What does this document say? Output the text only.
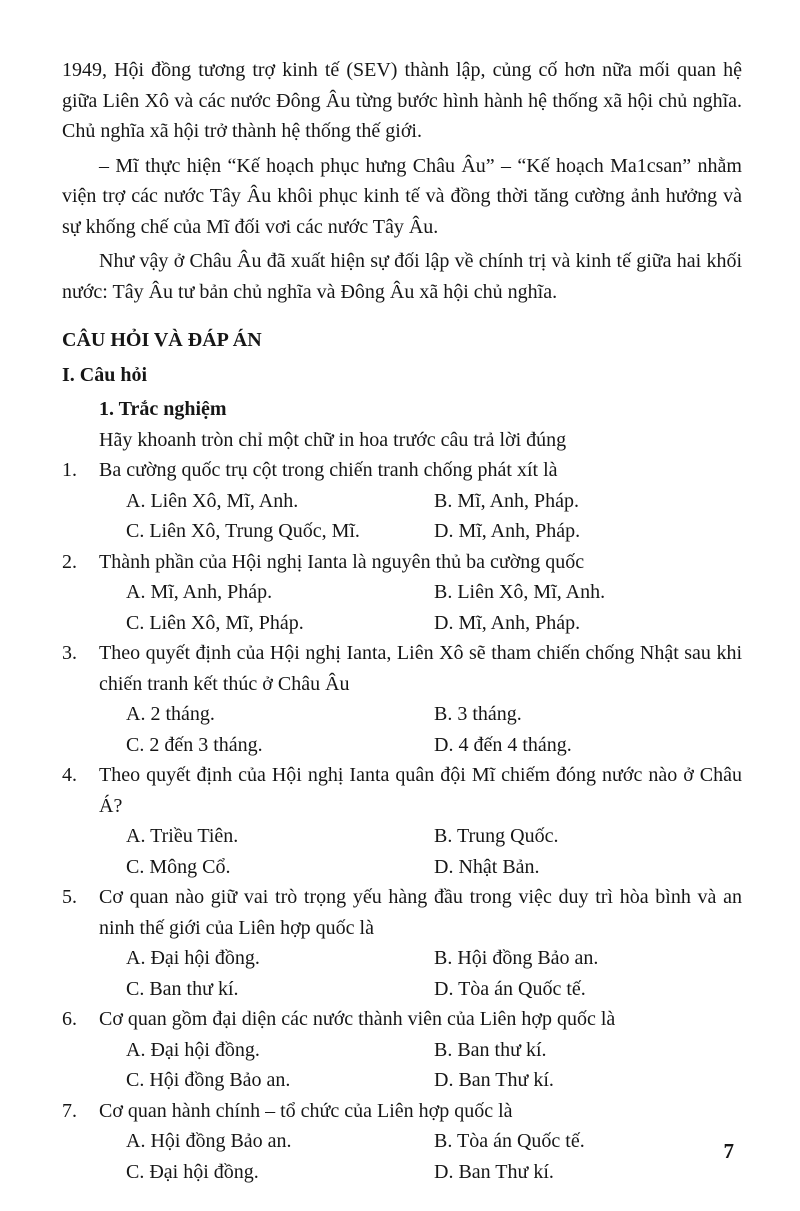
1949, Hội đồng tương trợ kinh tế (SEV) thành lập, củng cố hơn nữa mối quan hệ giữa Liên Xô và các nước Đông Âu từng bước hình hành hệ thống xã hội chủ nghĩa. Chủ nghĩa xã hội trở thành hệ thống thế giới.

– Mĩ thực hiện “Kế hoạch phục hưng Châu Âu” – “Kế hoạch Ma1csan” nhằm viện trợ các nước Tây Âu khôi phục kinh tế và đồng thời tăng cường ảnh hưởng và sự khống chế của Mĩ đối vơi các nước Tây Âu.

Như vậy ở Châu Âu đã xuất hiện sự đối lập về chính trị và kinh tế giữa hai khối nước: Tây Âu tư bản chủ nghĩa và Đông Âu xã hội chủ nghĩa.

CÂU HỎI VÀ ĐÁP ÁN
I. Câu hỏi
1. Trắc nghiệm
Hãy khoanh tròn chỉ một chữ in hoa trước câu trả lời đúng
1.	Ba cường quốc trụ cột trong chiến tranh chống phát xít là
A. Liên Xô, Mĩ, Anh.	B. Mĩ, Anh, Pháp.
C. Liên Xô, Trung Quốc, Mĩ.	D. Mĩ, Anh, Pháp.
2.	Thành phần của Hội nghị Ianta là nguyên thủ ba cường quốc
A. Mĩ, Anh, Pháp.	B. Liên Xô, Mĩ, Anh.
C. Liên Xô, Mĩ, Pháp.	D. Mĩ, Anh, Pháp.
3.	Theo quyết định của Hội nghị Ianta, Liên Xô sẽ tham chiến chống Nhật sau khi chiến tranh kết thúc ở Châu Âu
A. 2 tháng.	B. 3 tháng.
C. 2 đến 3 tháng.	D. 4 đến 4 tháng.
4.	Theo quyết định của Hội nghị Ianta quân đội Mĩ chiếm đóng nước nào ở Châu Á?
A. Triều Tiên.	B. Trung Quốc.
C. Mông Cổ.	D. Nhật Bản.
5.	Cơ quan nào giữ vai trò trọng yếu hàng đầu trong việc duy trì hòa bình và an ninh thế giới của Liên hợp quốc là
A. Đại hội đồng.	B. Hội đồng Bảo an.
C. Ban thư kí.	D. Tòa án Quốc tế.
6.	Cơ quan gồm đại diện các nước thành viên của Liên hợp quốc là
A. Đại hội đồng.	B. Ban thư kí.
C. Hội đồng Bảo an.	D. Ban Thư kí.
7.	Cơ quan hành chính – tổ chức của Liên hợp quốc là
A. Hội đồng Bảo an.	B. Tòa án Quốc tế.
C. Đại hội đồng.	D. Ban Thư kí.
7
